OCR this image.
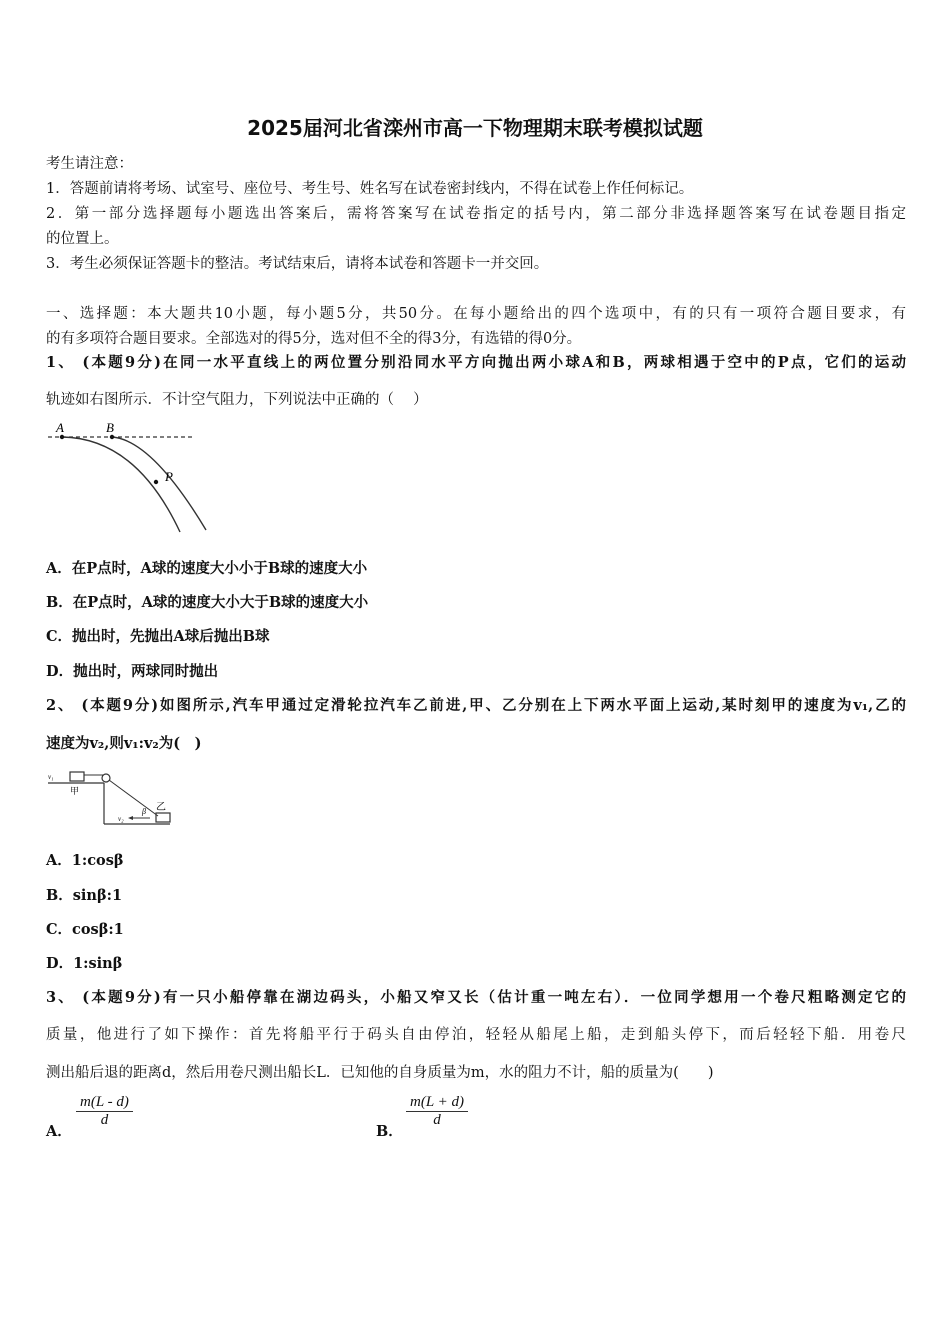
2025届河北省滦州市高一下物理期末联考模拟试题
考生请注意：
1．答题前请将考场、试室号、座位号、考生号、姓名写在试卷密封线内，不得在试卷上作任何标记。
2．第一部分选择题每小题选出答案后，需将答案写在试卷指定的括号内，第二部分非选择题答案写在试卷题目指定
的位置上。
3．考生必须保证答题卡的整洁。考试结束后，请将本试卷和答题卡一并交回。
一、选择题：本大题共10小题，每小题5分，共50分。在每小题给出的四个选项中，有的只有一项符合题目要求，有
的有多项符合题目要求。全部选对的得5分，选对但不全的得3分，有选错的得0分。
1、 (本题9分)在同一水平直线上的两位置分别沿同水平方向抛出两小球A和B，两球相遇于空中的P点，它们的运动
轨迹如右图所示．不计空气阻力，下列说法中正确的（　 ）
A	B
P
A．在P点时，A球的速度大小小于B球的速度大小
B．在P点时，A球的速度大小大于B球的速度大小
C．抛出时，先抛出A球后抛出B球
D．抛出时，两球同时抛出
2、 (本题9分)如图所示,汽车甲通过定滑轮拉汽车乙前进,甲、乙分别在上下两水平面上运动,某时刻甲的速度为v₁,乙的
速度为v₂,则v₁:v₂为(　)
v₁
甲
v₂
β 乙
A．1:cosβ
B．sinβ:1
C．cosβ:1
D．1:sinβ
3、 (本题9分)有一只小船停靠在湖边码头，小船又窄又长（估计重一吨左右）．一位同学想用一个卷尺粗略测定它的
质量，他进行了如下操作：首先将船平行于码头自由停泊，轻轻从船尾上船，走到船头停下，而后轻轻下船．用卷尺
测出船后退的距离d，然后用卷尺测出船长L．已知他的自身质量为m，水的阻力不计，船的质量为(　　)
A．
$\frac{m(L - d)}{d}$
B．
$\frac{m(L + d)}{d}$
